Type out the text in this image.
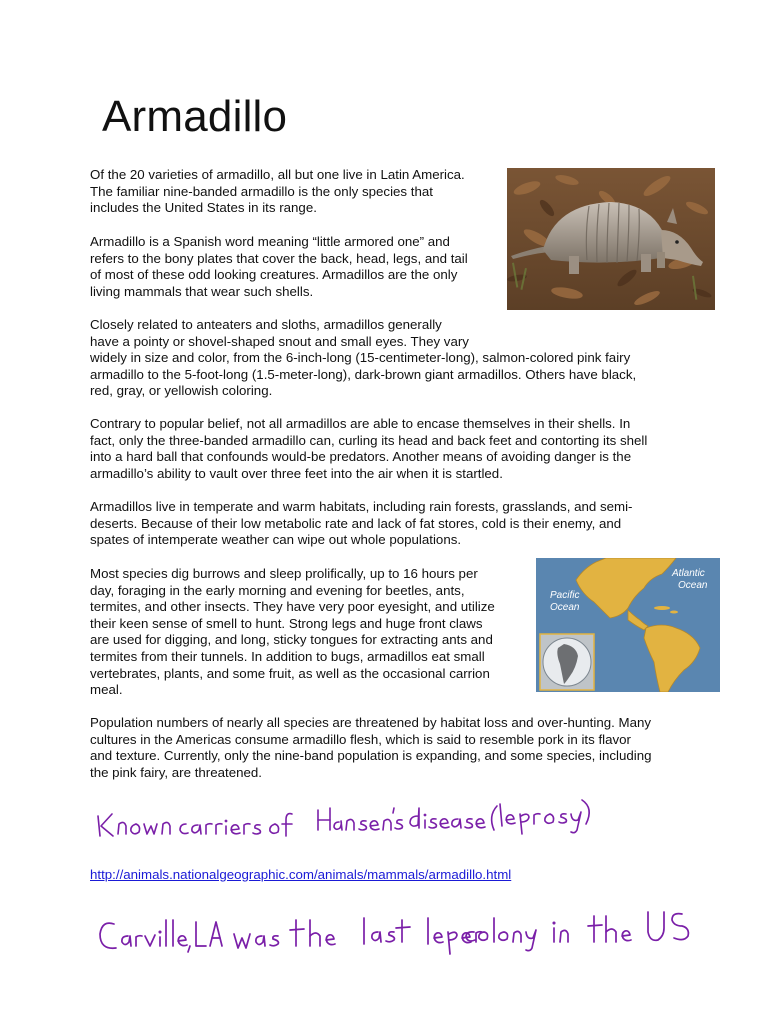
Armadillo
Of the 20 varieties of armadillo, all but one live in Latin America.
The familiar nine-banded armadillo is the only species that
includes the United States in its range.
Armadillo is a Spanish word meaning “little armored one” and
refers to the bony plates that cover the back, head, legs, and tail
of most of these odd looking creatures. Armadillos are the only
living mammals that wear such shells.
Closely related to anteaters and sloths, armadillos generally
have a pointy or shovel-shaped snout and small eyes. They vary
widely in size and color, from the 6-inch-long (15-centimeter-long), salmon-colored pink fairy
armadillo to the 5-foot-long (1.5-meter-long), dark-brown giant armadillos. Others have black,
red, gray, or yellowish coloring.
Contrary to popular belief, not all armadillos are able to encase themselves in their shells. In
fact, only the three-banded armadillo can, curling its head and back feet and contorting its shell
into a hard ball that confounds would-be predators. Another means of avoiding danger is the
armadillo’s ability to vault over three feet into the air when it is startled.
Armadillos live in temperate and warm habitats, including rain forests, grasslands, and semi-
deserts. Because of their low metabolic rate and lack of fat stores, cold is their enemy, and
spates of intemperate weather can wipe out whole populations.
Most species dig burrows and sleep prolifically, up to 16 hours per
day, foraging in the early morning and evening for beetles, ants,
termites, and other insects. They have very poor eyesight, and utilize
their keen sense of smell to hunt. Strong legs and huge front claws
are used for digging, and long, sticky tongues for extracting ants and
termites from their tunnels. In addition to bugs, armadillos eat small
vertebrates, plants, and some fruit, as well as the occasional carrion
meal.
Population numbers of nearly all species are threatened by habitat loss and over-hunting. Many
cultures in the Americas consume armadillo flesh, which is said to resemble pork in its flavor
and texture. Currently, only the nine-band population is expanding, and some species, including
the pink fairy, are threatened.
Pacific Ocean
Atlantic Ocean
http://animals.nationalgeographic.com/animals/mammals/armadillo.html
